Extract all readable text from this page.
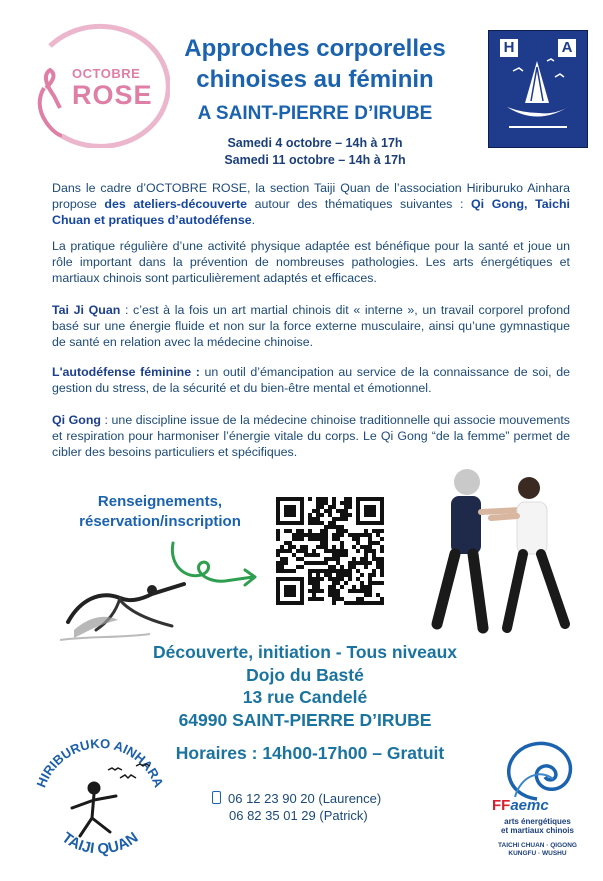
OCTOBRE
ROSE
Approches corporelles
chinoises au féminin
A SAINT-PIERRE D’IRUBE
Samedi 4 octobre – 14h à 17h
Samedi 11 octobre – 14h à 17h
H	A
Dans le cadre d’OCTOBRE ROSE, la section Taiji Quan de l’association Hiriburuko Ainhara propose des ateliers-découverte autour des thématiques suivantes : Qi Gong, Taichi Chuan et pratiques d’autodéfense.
La pratique régulière d’une activité physique adaptée est bénéfique pour la santé et joue un rôle important dans la prévention de nombreuses pathologies. Les arts énergétiques et martiaux chinois sont particulièrement adaptés et efficaces.
Tai Ji Quan : c’est à la fois un art martial chinois dit « interne », un travail corporel profond basé sur une énergie fluide et non sur la force externe musculaire, ainsi qu’une gymnastique de santé en relation avec la médecine chinoise.
L'autodéfense féminine : un outil d’émancipation au service de la connaissance de soi, de gestion du stress, de la sécurité et du bien-être mental et émotionnel.
Qi Gong : une discipline issue de la médecine chinoise traditionnelle qui associe mouvements et respiration pour harmoniser l’énergie vitale du corps. Le Qi Gong “de la femme” permet de cibler des besoins particuliers et spécifiques.
Renseignements,
réservation/inscription
Découverte, initiation - Tous niveaux
Dojo du Basté
13 rue Candelé
64990 SAINT-PIERRE D’IRUBE
Horaires : 14h00-17h00 – Gratuit
06 12 23 90 20 (Laurence)
06 82 35 01 29 (Patrick)
HIRIBURUKO AINHARA
TAIJI QUAN
FFaemc
arts énergétiques
et martiaux chinois
TAICHI CHUAN · QIGONG
KUNGFU · WUSHU
